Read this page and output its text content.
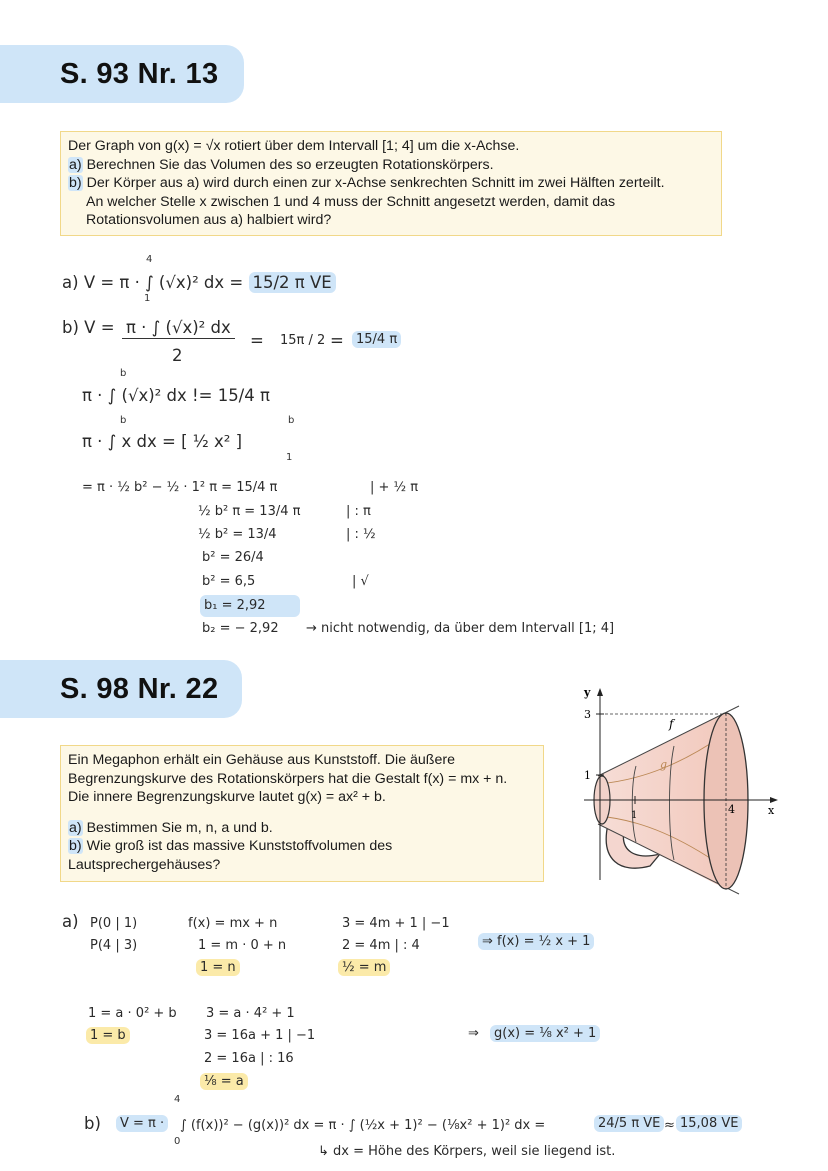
S. 93 Nr. 13
Der Graph von g(x) = √x rotiert über dem Intervall [1; 4] um die x-Achse.
a) Berechnen Sie das Volumen des so erzeugten Rotationskörpers.
b) Der Körper aus a) wird durch einen zur x-Achse senkrechten Schnitt im zwei Hälften zerteilt.
An welcher Stelle x zwischen 1 und 4 muss der Schnitt angesetzt werden, damit das
Rotationsvolumen aus a) halbiert wird?
4
1
a) V = π · ∫ (√x)² dx = 15/2 π VE
b) V = π · ∫ (√x)² dx
2
= 15π / 2 = 15/4 π
b
π · ∫ (√x)² dx != 15/4 π
b	b
π · ∫ x dx = [ ½ x² ]
1
= π · ½ b² − ½ · 1² π = 15/4 π	| + ½ π
½ b² π = 13/4 π	| : π
½ b² = 13/4	| : ½
b² = 26/4
b² = 6,5	| √
b₁ = 2,92
b₂ = − 2,92 → nicht notwendig, da über dem Intervall [1; 4]
S. 98 Nr. 22
Ein Megaphon erhält ein Gehäuse aus Kunststoff. Die äußere
Begrenzungskurve des Rotationskörpers hat die Gestalt f(x) = mx + n.
Die innere Begrenzungskurve lautet g(x) = ax² + b.
a) Bestimmen Sie m, n, a und b.
b) Wie groß ist das massive Kunststoffvolumen des
Lautsprechergehäuses?
y
x
3
1
1	4
f
g
a) P(0 | 1)
P(4 | 3)
f(x) = mx + n
1 = m · 0 + n
1 = n
3 = 4m + 1 | −1
2 = 4m | : 4
½ = m
⇒ f(x) = ½ x + 1
1 = a · 0² + b
1 = b
3 = a · 4² + 1
3 = 16a + 1 | −1
2 = 16a | : 16
⅛ = a
⇒	g(x) = ⅛ x² + 1
4
0
b)	V = π ·	∫ (f(x))² − (g(x))² dx = π · ∫ (½x + 1)² − (⅛x² + 1)² dx =	24/5 π VE ≈ 15,08 VE
↳ dx = Höhe des Körpers, weil sie liegend ist.
